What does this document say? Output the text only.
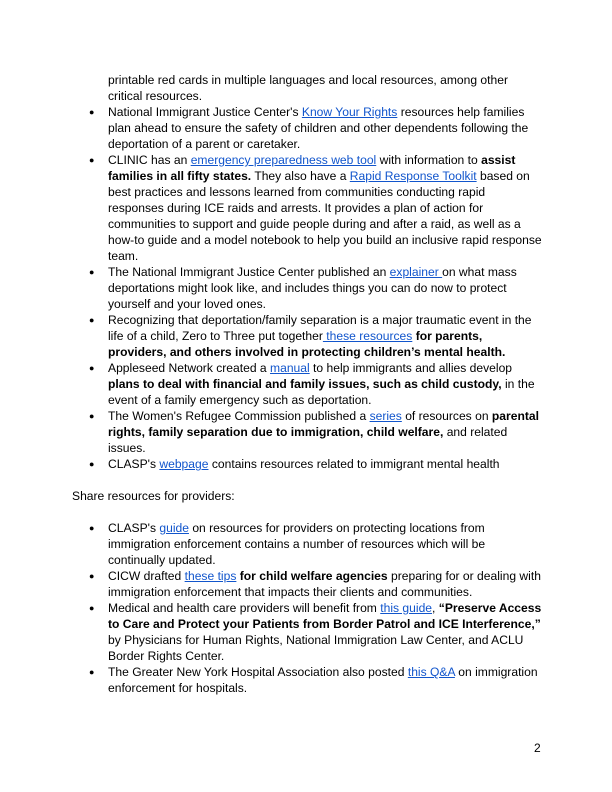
printable red cards in multiple languages and local resources, among other critical resources.
● National Immigrant Justice Center's Know Your Rights resources help families plan ahead to ensure the safety of children and other dependents following the deportation of a parent or caretaker.
● CLINIC has an emergency preparedness web tool with information to assist families in all fifty states. They also have a Rapid Response Toolkit based on best practices and lessons learned from communities conducting rapid responses during ICE raids and arrests. It provides a plan of action for communities to support and guide people during and after a raid, as well as a how-to guide and a model notebook to help you build an inclusive rapid response team.
● The National Immigrant Justice Center published an explainer on what mass deportations might look like, and includes things you can do now to protect yourself and your loved ones.
● Recognizing that deportation/family separation is a major traumatic event in the life of a child, Zero to Three put together these resources for parents, providers, and others involved in protecting children’s mental health.
● Appleseed Network created a manual to help immigrants and allies develop plans to deal with financial and family issues, such as child custody, in the event of a family emergency such as deportation.
● The Women's Refugee Commission published a series of resources on parental rights, family separation due to immigration, child welfare, and related issues.
● CLASP's webpage contains resources related to immigrant mental health
Share resources for providers:
● CLASP's guide on resources for providers on protecting locations from immigration enforcement contains a number of resources which will be continually updated.
● CICW drafted these tips for child welfare agencies preparing for or dealing with immigration enforcement that impacts their clients and communities.
● Medical and health care providers will benefit from this guide, “Preserve Access to Care and Protect your Patients from Border Patrol and ICE Interference,” by Physicians for Human Rights, National Immigration Law Center, and ACLU Border Rights Center.
● The Greater New York Hospital Association also posted this Q&A on immigration enforcement for hospitals.
2
